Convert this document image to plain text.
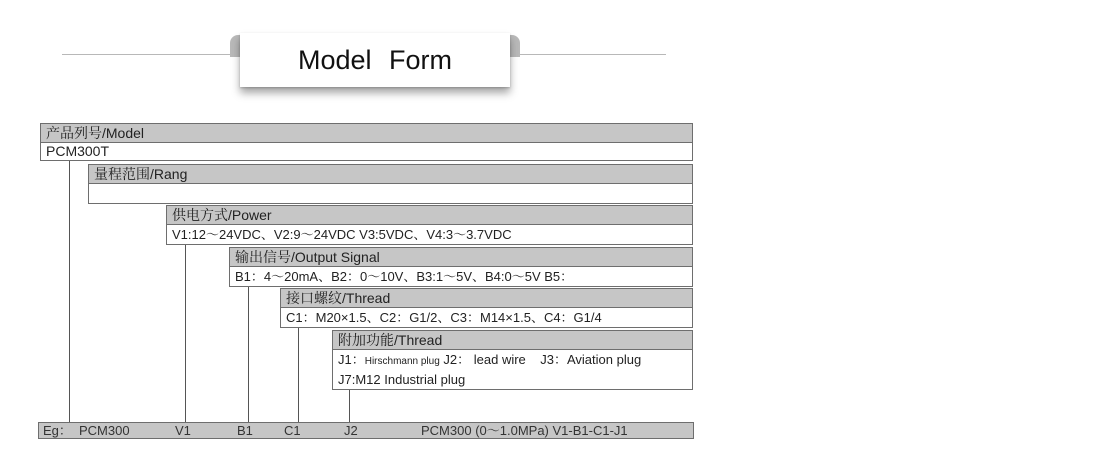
Model Form
产品列号/Model
PCM300T
量程范围/Rang
供电方式/Power
V1:12～24VDC、V2:9～24VDC V3:5VDC、V4:3～3.7VDC
输出信号/Output Signal
B1：4～20mA、B2：0～10V、B3:1～5V、B4:0～5V B5：
接口螺纹/Thread
C1：M20×1.5、C2：G1/2、C3：M14×1.5、C4：G1/4
附加功能/Thread
J1：Hirschmann plug J2： lead wire J3：Aviation plug
J7:M12 Industrial plug
Eg： PCM300	V1	B1 C1	J2	PCM300 (0～1.0MPa) V1-B1-C1-J1
